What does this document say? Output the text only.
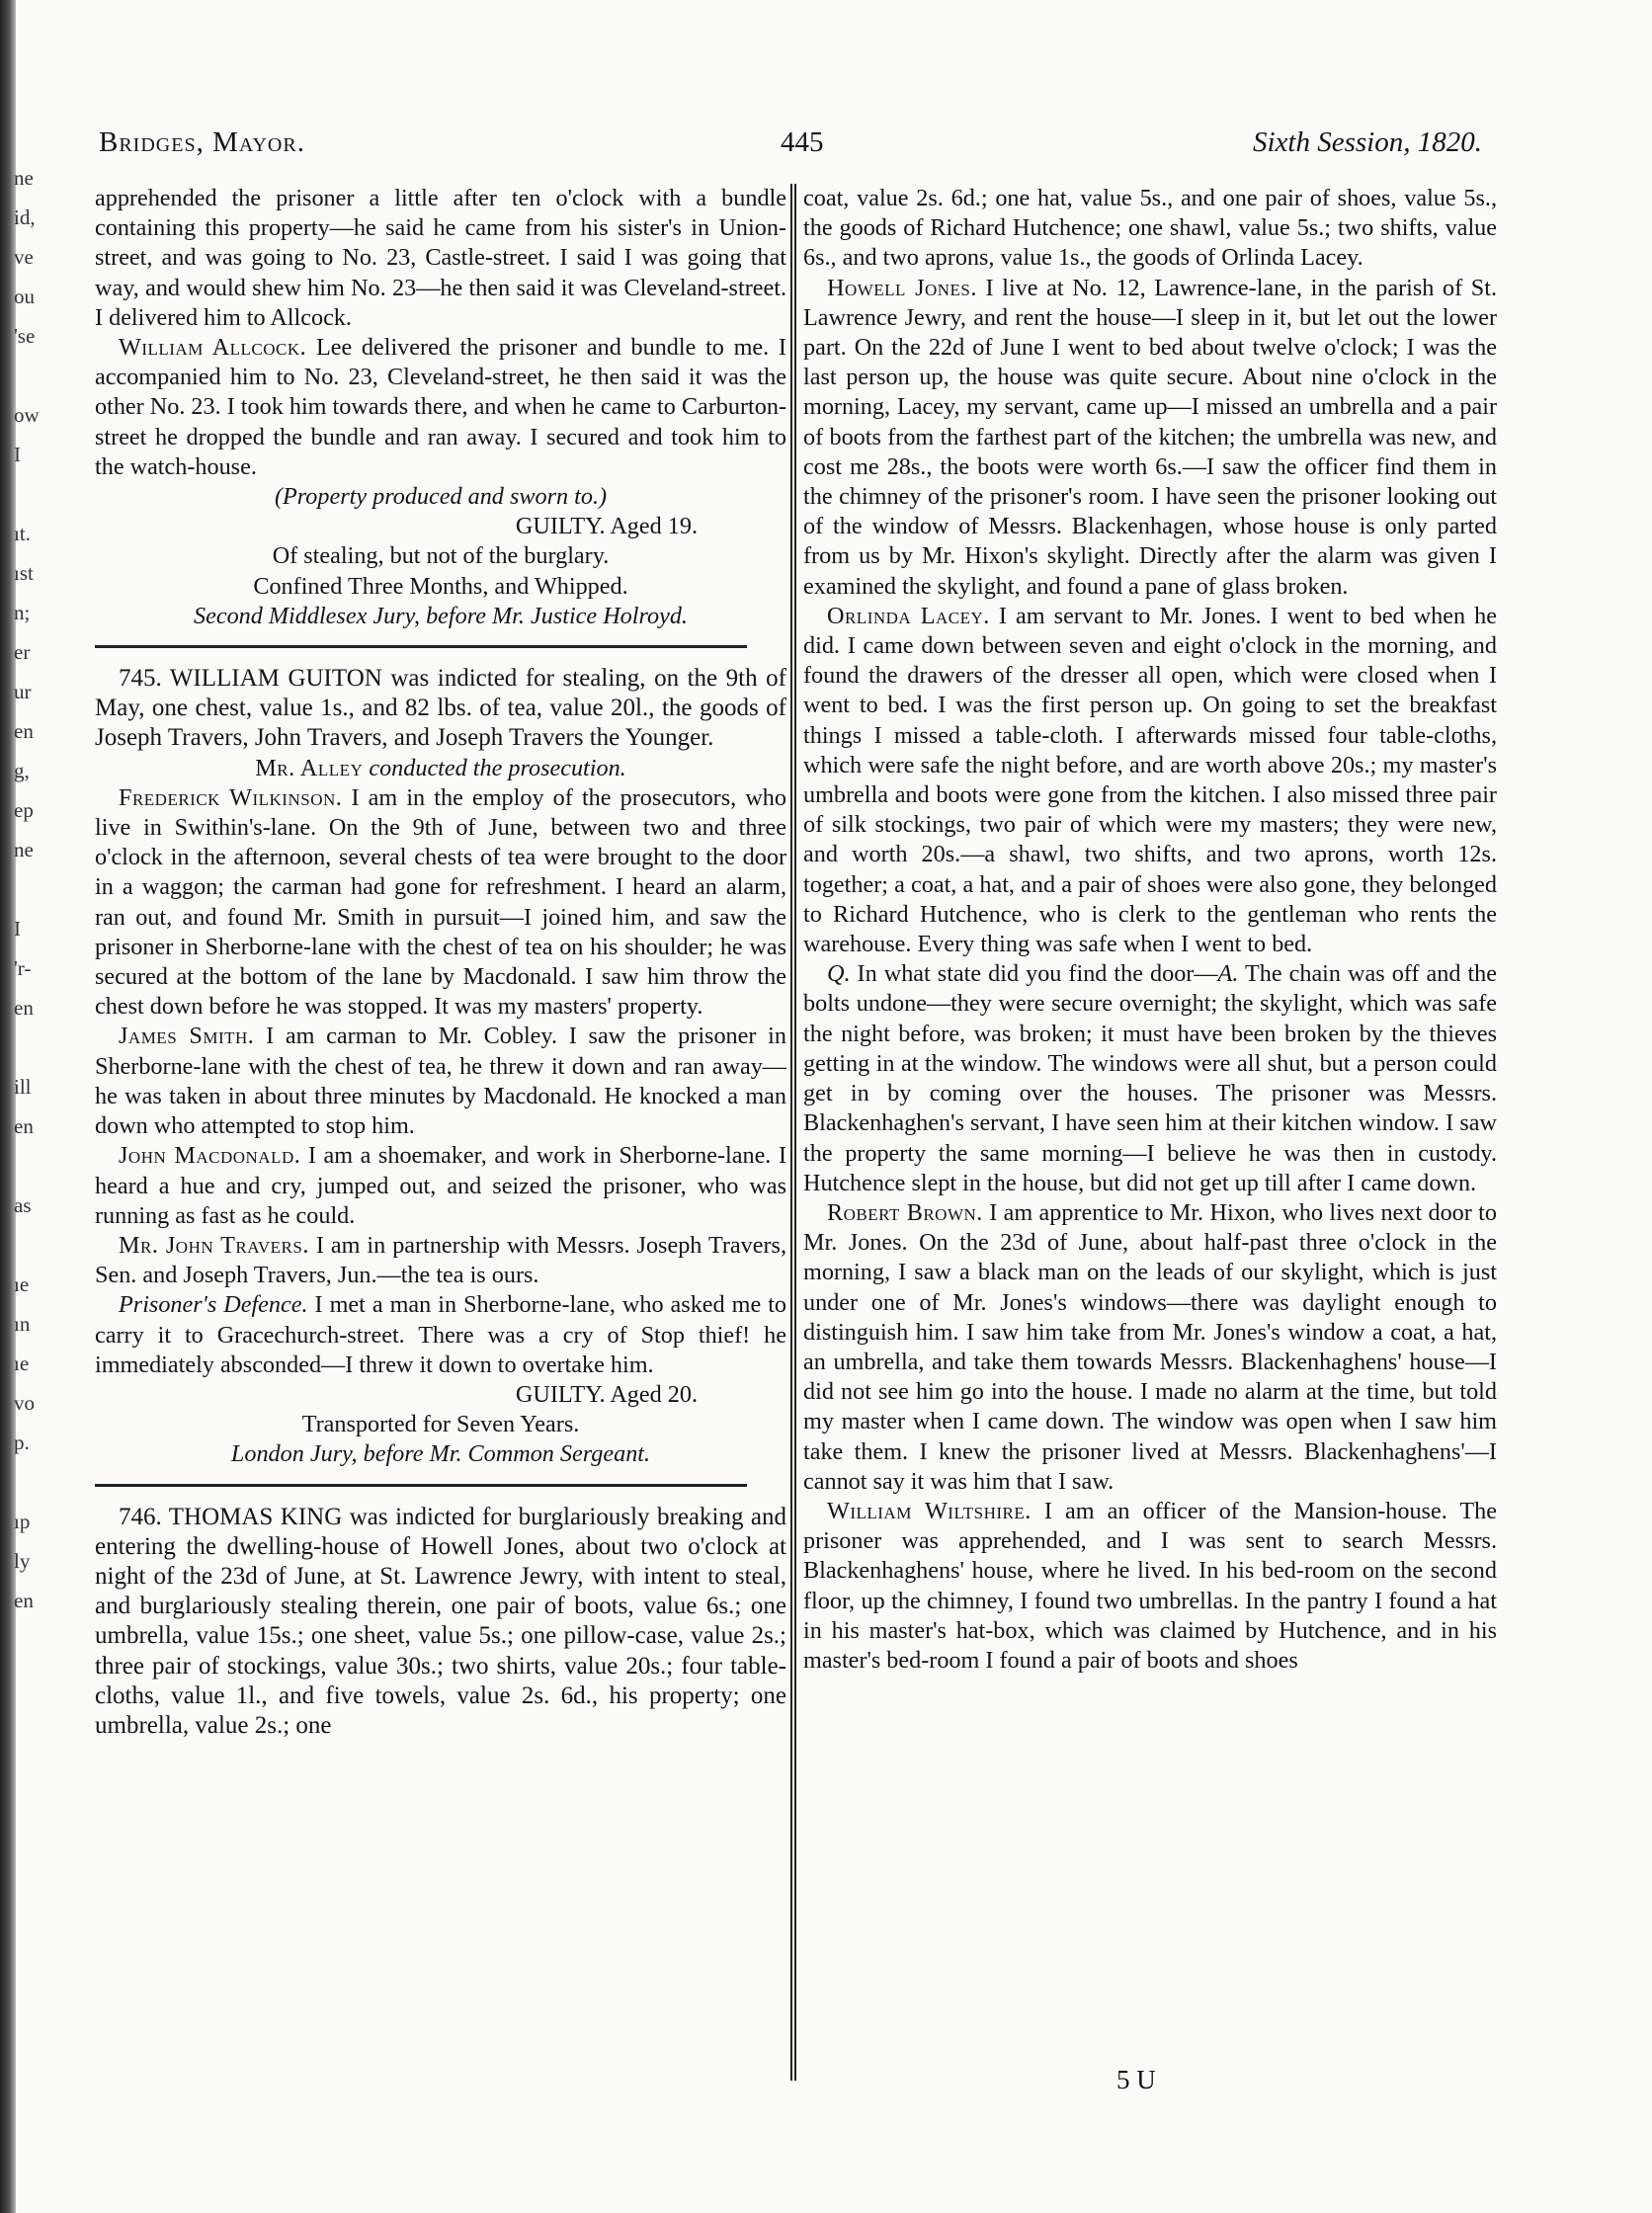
ne
id,
ve
ou
'se
ow
I
ıt.
ıst
n;
er
ur
en
g,
ep
ne
I
'r-
en
ill
en
as
ıe
ın
ıe
vo
p.
ıp
ly
en
Bridges, Mayor.	445	Sixth Session, 1820.

apprehended the prisoner a little after ten o'clock with a bundle containing this property—he said he came from his sister's in Union-street, and was going to No. 23, Castle-street. I said I was going that way, and would shew him No. 23—he then said it was Cleveland-street. I delivered him to Allcock.

William Allcock. Lee delivered the prisoner and bundle to me. I accompanied him to No. 23, Cleveland-street, he then said it was the other No. 23. I took him towards there, and when he came to Carburton-street he dropped the bundle and ran away. I secured and took him to the watch-house.

(Property produced and sworn to.)

GUILTY. Aged 19.

Of stealing, but not of the burglary.

Confined Three Months, and Whipped.

Second Middlesex Jury, before Mr. Justice Holroyd.

745. WILLIAM GUITON was indicted for stealing, on the 9th of May, one chest, value 1s., and 82 lbs. of tea, value 20l., the goods of Joseph Travers, John Travers, and Joseph Travers the Younger.

Mr. Alley conducted the prosecution.

Frederick Wilkinson. I am in the employ of the prosecutors, who live in Swithin's-lane. On the 9th of June, between two and three o'clock in the afternoon, several chests of tea were brought to the door in a waggon; the carman had gone for refreshment. I heard an alarm, ran out, and found Mr. Smith in pursuit—I joined him, and saw the prisoner in Sherborne-lane with the chest of tea on his shoulder; he was secured at the bottom of the lane by Macdonald. I saw him throw the chest down before he was stopped. It was my masters' property.

James Smith. I am carman to Mr. Cobley. I saw the prisoner in Sherborne-lane with the chest of tea, he threw it down and ran away—he was taken in about three minutes by Macdonald. He knocked a man down who attempted to stop him.

John Macdonald. I am a shoemaker, and work in Sherborne-lane. I heard a hue and cry, jumped out, and seized the prisoner, who was running as fast as he could.

Mr. John Travers. I am in partnership with Messrs. Joseph Travers, Sen. and Joseph Travers, Jun.—the tea is ours.

Prisoner's Defence. I met a man in Sherborne-lane, who asked me to carry it to Gracechurch-street. There was a cry of Stop thief! he immediately absconded—I threw it down to overtake him.

GUILTY. Aged 20.

Transported for Seven Years.

London Jury, before Mr. Common Sergeant.

746. THOMAS KING was indicted for burglariously breaking and entering the dwelling-house of Howell Jones, about two o'clock at night of the 23d of June, at St. Lawrence Jewry, with intent to steal, and burglariously stealing therein, one pair of boots, value 6s.; one umbrella, value 15s.; one sheet, value 5s.; one pillow-case, value 2s.; three pair of stockings, value 30s.; two shirts, value 20s.; four table-cloths, value 1l., and five towels, value 2s. 6d., his property; one umbrella, value 2s.; one

coat, value 2s. 6d.; one hat, value 5s., and one pair of shoes, value 5s., the goods of Richard Hutchence; one shawl, value 5s.; two shifts, value 6s., and two aprons, value 1s., the goods of Orlinda Lacey.

Howell Jones. I live at No. 12, Lawrence-lane, in the parish of St. Lawrence Jewry, and rent the house—I sleep in it, but let out the lower part. On the 22d of June I went to bed about twelve o'clock; I was the last person up, the house was quite secure. About nine o'clock in the morning, Lacey, my servant, came up—I missed an umbrella and a pair of boots from the farthest part of the kitchen; the umbrella was new, and cost me 28s., the boots were worth 6s.—I saw the officer find them in the chimney of the prisoner's room. I have seen the prisoner looking out of the window of Messrs. Blackenhagen, whose house is only parted from us by Mr. Hixon's skylight. Directly after the alarm was given I examined the skylight, and found a pane of glass broken.

Orlinda Lacey. I am servant to Mr. Jones. I went to bed when he did. I came down between seven and eight o'clock in the morning, and found the drawers of the dresser all open, which were closed when I went to bed. I was the first person up. On going to set the breakfast things I missed a table-cloth. I afterwards missed four table-cloths, which were safe the night before, and are worth above 20s.; my master's umbrella and boots were gone from the kitchen. I also missed three pair of silk stockings, two pair of which were my masters; they were new, and worth 20s.—a shawl, two shifts, and two aprons, worth 12s. together; a coat, a hat, and a pair of shoes were also gone, they belonged to Richard Hutchence, who is clerk to the gentleman who rents the warehouse. Every thing was safe when I went to bed.

Q. In what state did you find the door—A. The chain was off and the bolts undone—they were secure overnight; the skylight, which was safe the night before, was broken; it must have been broken by the thieves getting in at the window. The windows were all shut, but a person could get in by coming over the houses. The prisoner was Messrs. Blackenhaghen's servant, I have seen him at their kitchen window. I saw the property the same morning—I believe he was then in custody. Hutchence slept in the house, but did not get up till after I came down.

Robert Brown. I am apprentice to Mr. Hixon, who lives next door to Mr. Jones. On the 23d of June, about half-past three o'clock in the morning, I saw a black man on the leads of our skylight, which is just under one of Mr. Jones's windows—there was daylight enough to distinguish him. I saw him take from Mr. Jones's window a coat, a hat, an umbrella, and take them towards Messrs. Blackenhaghens' house—I did not see him go into the house. I made no alarm at the time, but told my master when I came down. The window was open when I saw him take them. I knew the prisoner lived at Messrs. Blackenhaghens'—I cannot say it was him that I saw.

William Wiltshire. I am an officer of the Mansion-house. The prisoner was apprehended, and I was sent to search Messrs. Blackenhaghens' house, where he lived. In his bed-room on the second floor, up the chimney, I found two umbrellas. In the pantry I found a hat in his master's hat-box, which was claimed by Hutchence, and in his master's bed-room I found a pair of boots and shoes

5 U
